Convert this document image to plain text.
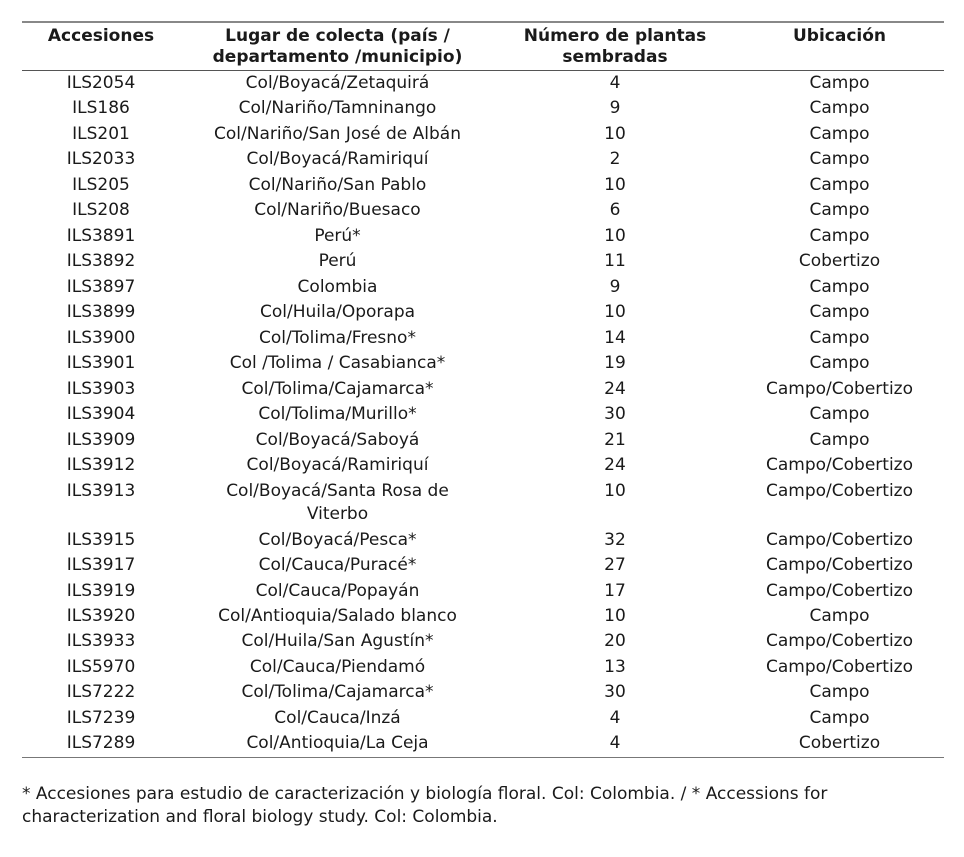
Accesiones	Lugar de colecta (país / departamento /municipio)	Número de plantas sembradas	Ubicación
ILS2054	Col/Boyacá/Zetaquirá	4	Campo
ILS186	Col/Nariño/Tamninango	9	Campo
ILS201	Col/Nariño/San José de Albán	10	Campo
ILS2033	Col/Boyacá/Ramiriquí	2	Campo
ILS205	Col/Nariño/San Pablo	10	Campo
ILS208	Col/Nariño/Buesaco	6	Campo
ILS3891	Perú*	10	Campo
ILS3892	Perú	11	Cobertizo
ILS3897	Colombia	9	Campo
ILS3899	Col/Huila/Oporapa	10	Campo
ILS3900	Col/Tolima/Fresno*	14	Campo
ILS3901	Col /Tolima / Casabianca*	19	Campo
ILS3903	Col/Tolima/Cajamarca*	24	Campo/Cobertizo
ILS3904	Col/Tolima/Murillo*	30	Campo
ILS3909	Col/Boyacá/Saboyá	21	Campo
ILS3912	Col/Boyacá/Ramiriquí	24	Campo/Cobertizo
ILS3913	Col/Boyacá/Santa Rosa de Viterbo	10	Campo/Cobertizo
ILS3915	Col/Boyacá/Pesca*	32	Campo/Cobertizo
ILS3917	Col/Cauca/Puracé*	27	Campo/Cobertizo
ILS3919	Col/Cauca/Popayán	17	Campo/Cobertizo
ILS3920	Col/Antioquia/Salado blanco	10	Campo
ILS3933	Col/Huila/San Agustín*	20	Campo/Cobertizo
ILS5970	Col/Cauca/Piendamó	13	Campo/Cobertizo
ILS7222	Col/Tolima/Cajamarca*	30	Campo
ILS7239	Col/Cauca/Inzá	4	Campo
ILS7289	Col/Antioquia/La Ceja	4	Cobertizo
* Accesiones para estudio de caracterización y biología floral. Col: Colombia. / * Accessions for characterization and floral biology study. Col: Colombia.
